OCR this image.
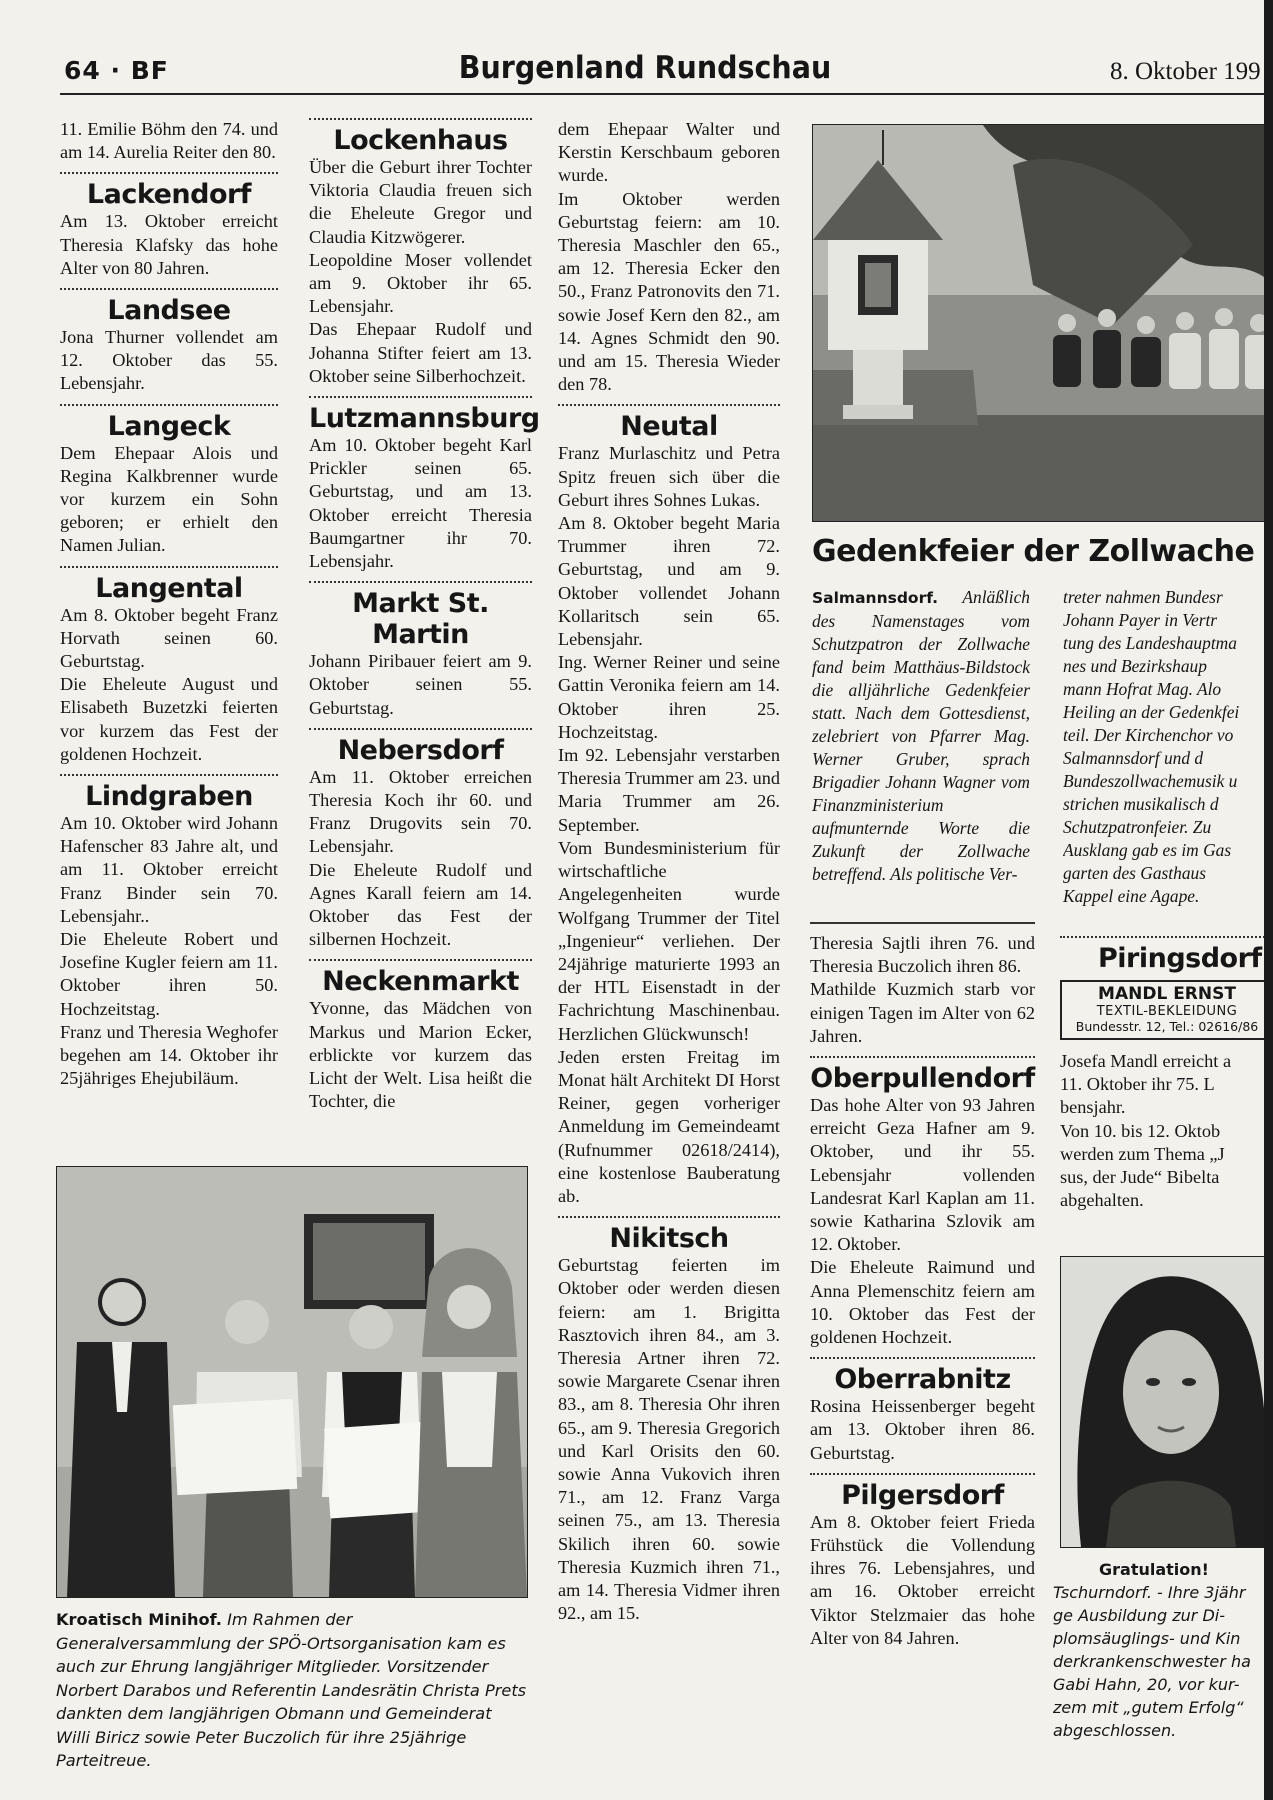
64 · BF	Burgenland Rundschau	8. Oktober 199

11. Emilie Böhm den 74. und am 14. Aurelia Reiter den 80.

Lackendorf

Am 13. Oktober erreicht Theresia Klafsky das hohe Alter von 80 Jahren.

Landsee

Jona Thurner vollendet am 12. Oktober das 55. Lebensjahr.

Langeck

Dem Ehepaar Alois und Regina Kalkbrenner wurde vor kurzem ein Sohn geboren; er erhielt den Namen Julian.

Langental

Am 8. Oktober begeht Franz Horvath seinen 60. Geburtstag.

Die Eheleute August und Elisabeth Buzetzki feierten vor kurzem das Fest der goldenen Hochzeit.

Lindgraben

Am 10. Oktober wird Johann Hafenscher 83 Jahre alt, und am 11. Oktober erreicht Franz Binder sein 70. Lebensjahr..

Die Eheleute Robert und Josefine Kugler feiern am 11. Oktober ihren 50. Hochzeitstag.

Franz und Theresia Weghofer begehen am 14. Oktober ihr 25jähriges Ehejubiläum.

Lockenhaus

Über die Geburt ihrer Tochter Viktoria Claudia freuen sich die Eheleute Gregor und Claudia Kitzwögerer.

Leopoldine Moser vollendet am 9. Oktober ihr 65. Lebensjahr.

Das Ehepaar Rudolf und Johanna Stifter feiert am 13. Oktober seine Silberhochzeit.

Lutzmannsburg

Am 10. Oktober begeht Karl Prickler seinen 65. Geburtstag, und am 13. Oktober erreicht Theresia Baumgartner ihr 70. Lebensjahr.

Markt St. Martin

Johann Piribauer feiert am 9. Oktober seinen 55. Geburtstag.

Nebersdorf

Am 11. Oktober erreichen Theresia Koch ihr 60. und Franz Drugovits sein 70. Lebensjahr.

Die Eheleute Rudolf und Agnes Karall feiern am 14. Oktober das Fest der silbernen Hochzeit.

Neckenmarkt

Yvonne, das Mädchen von Markus und Marion Ecker, erblickte vor kurzem das Licht der Welt. Lisa heißt die Tochter, die

dem Ehepaar Walter und Kerstin Kerschbaum geboren wurde.

Im Oktober werden Geburtstag feiern: am 10. Theresia Maschler den 65., am 12. Theresia Ecker den 50., Franz Patronovits den 71. sowie Josef Kern den 82., am 14. Agnes Schmidt den 90. und am 15. Theresia Wieder den 78.

Neutal

Franz Murlaschitz und Petra Spitz freuen sich über die Geburt ihres Sohnes Lukas.

Am 8. Oktober begeht Maria Trummer ihren 72. Geburtstag, und am 9. Oktober vollendet Johann Kollaritsch sein 65. Lebensjahr.

Ing. Werner Reiner und seine Gattin Veronika feiern am 14. Oktober ihren 25. Hochzeitstag.

Im 92. Lebensjahr verstarben Theresia Trummer am 23. und Maria Trummer am 26. September.

Vom Bundesministerium für wirtschaftliche Angelegenheiten wurde Wolfgang Trummer der Titel „Ingenieur“ verliehen. Der 24jährige maturierte 1993 an der HTL Eisenstadt in der Fachrichtung Maschinenbau. Herzlichen Glückwunsch!

Jeden ersten Freitag im Monat hält Architekt DI Horst Reiner, gegen vorheriger Anmeldung im Gemeindeamt (Rufnummer 02618/2414), eine kostenlose Bauberatung ab.

Nikitsch

Geburtstag feierten im Oktober oder werden diesen feiern: am 1. Brigitta Rasztovich ihren 84., am 3. Theresia Artner ihren 72. sowie Margarete Csenar ihren 83., am 8. Theresia Ohr ihren 65., am 9. Theresia Gregorich und Karl Orisits den 60. sowie Anna Vukovich ihren 71., am 12. Franz Varga seinen 75., am 13. Theresia Skilich ihren 60. sowie Theresia Kuzmich ihren 71., am 14. Theresia Vidmer ihren 92., am 15.

Kroatisch Minihof. Im Rahmen der Generalversammlung der SPÖ-Ortsorganisation kam es auch zur Ehrung langjähriger Mitglieder. Vorsitzender Norbert Darabos und Referentin Landesrätin Christa Prets dankten dem langjährigen Obmann und Gemeinderat Willi Biricz sowie Peter Buczolich für ihre 25jährige Parteitreue.
Gedenkfeier der Zollwache
Salmannsdorf. Anläßlich des Namenstages vom Schutzpatron der Zollwache fand beim Matthäus-Bildstock die alljährliche Gedenkfeier statt. Nach dem Gottesdienst, zelebriert von Pfarrer Mag. Werner Gruber, sprach Brigadier Johann Wagner vom Finanzministerium aufmunternde Worte die Zukunft der Zollwache betreffend. Als politische Ver-

treter nahmen Bundesr

Johann Payer in Vertr

tung des Landeshauptma

nes und Bezirkshaup

mann Hofrat Mag. Alo

Heiling an der Gedenkfei

teil. Der Kirchenchor vo

Salmannsdorf und d

Bundeszollwachemusik u

strichen musikalisch d

Schutzpatronfeier. Zu

Ausklang gab es im Gas

garten des Gasthaus

Kappel eine Agape.

Theresia Sajtli ihren 76. und Theresia Buczolich ihren 86.

Mathilde Kuzmich starb vor einigen Tagen im Alter von 62 Jahren.

Oberpullendorf

Das hohe Alter von 93 Jahren erreicht Geza Hafner am 9. Oktober, und ihr 55. Lebensjahr vollenden Landesrat Karl Kaplan am 11. sowie Katharina Szlovik am 12. Oktober.

Die Eheleute Raimund und Anna Plemenschitz feiern am 10. Oktober das Fest der goldenen Hochzeit.

Oberrabnitz

Rosina Heissenberger begeht am 13. Oktober ihren 86. Geburtstag.

Pilgersdorf

Am 8. Oktober feiert Frieda Frühstück die Vollendung ihres 76. Lebensjahres, und am 16. Oktober erreicht Viktor Stelzmaier das hohe Alter von 84 Jahren.

Piringsdorf
MANDL ERNST
TEXTIL-BEKLEIDUNG
Bundesstr. 12, Tel.: 02616/86

Josefa Mandl erreicht a

11. Oktober ihr 75. L

bensjahr.

Von 10. bis 12. Oktob

werden zum Thema „J

sus, der Jude“ Bibelta

abgehalten.

Gratulation!
Tschurndorf. - Ihre 3jähr
ge Ausbildung zur Di-
plomsäuglings- und Kin
derkrankenschwester ha
Gabi Hahn, 20, vor kur-
zem mit „gutem Erfolg“
abgeschlossen.
